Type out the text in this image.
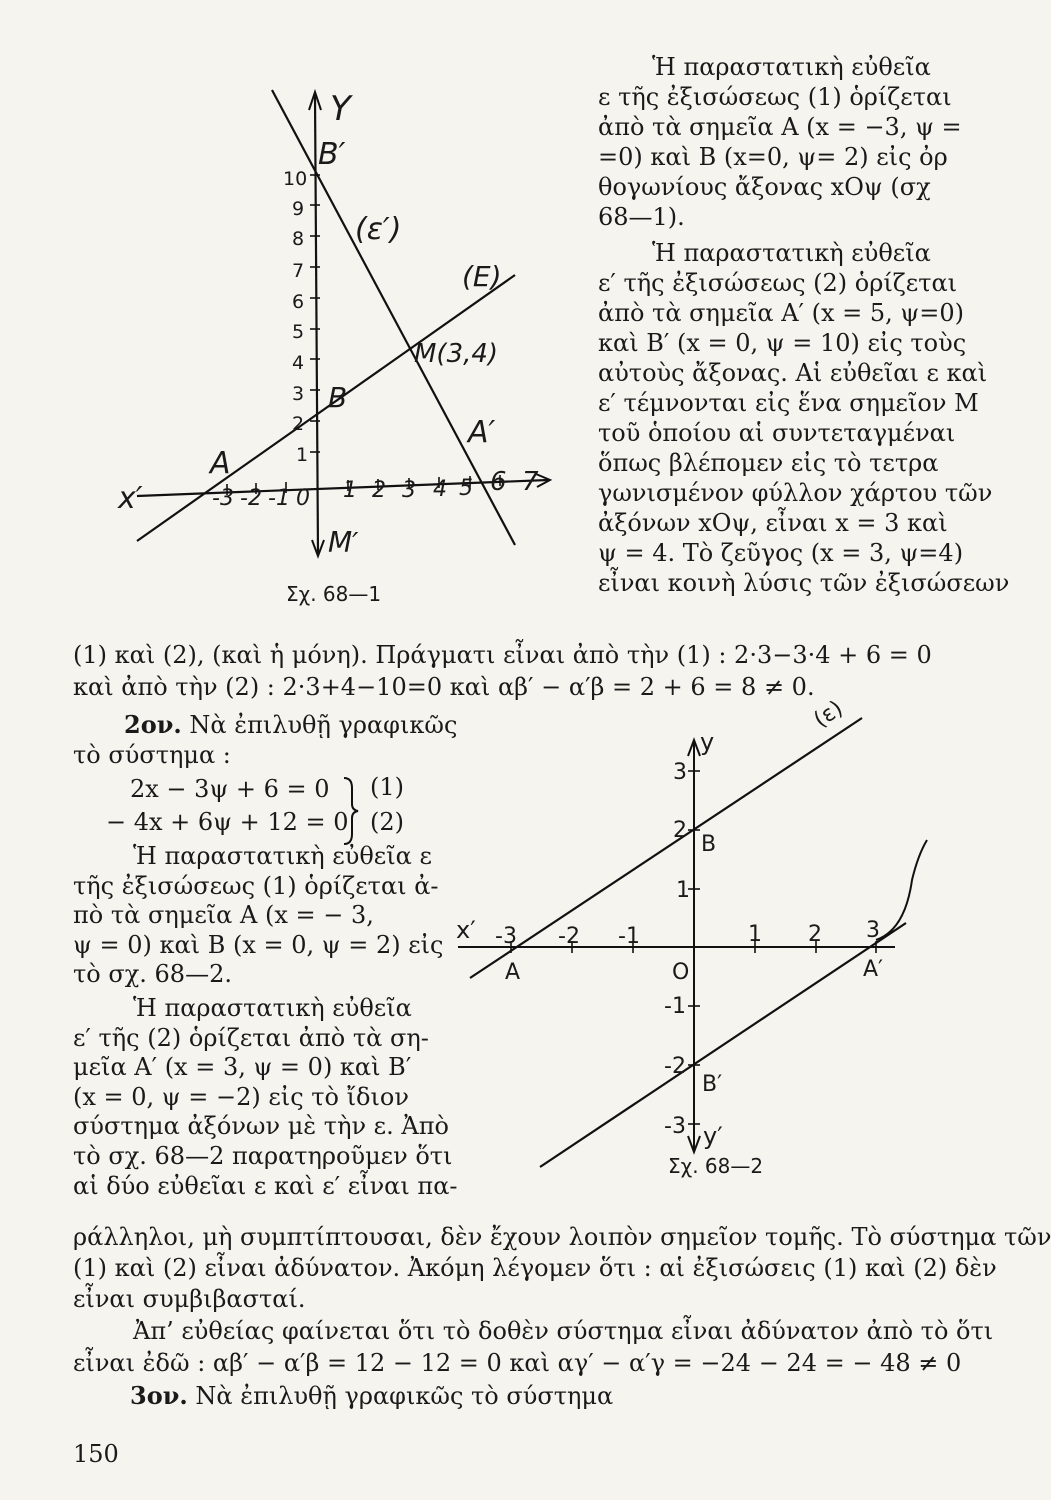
Y
B′
10
9
8
7
6
5
4
3
2
1
(ε′)
(E)
M(3,4)
B
A
A′
x′	-3 -2 -1 0 1 2 3 4 5 6 7
Μ′
Σχ. 68—1
Ἡ παραστατικὴ εὐθεῖα
ε τῆς ἐξισώσεως (1) ὁρίζεται
ἀπὸ τὰ σημεῖα Α (x = −3, ψ =
=0) καὶ Β (x=0, ψ= 2) εἰς ὀρ
θογωνίους ἄξονας xOψ (σχ
68—1).
Ἡ παραστατικὴ εὐθεῖα
ε′ τῆς ἐξισώσεως (2) ὁρίζεται
ἀπὸ τὰ σημεῖα Α′ (x = 5, ψ=0)
καὶ Β′ (x = 0, ψ = 10) εἰς τοὺς
αὐτοὺς ἄξονας. Αἱ εὐθεῖαι ε καὶ
ε′ τέμνονται εἰς ἕνα σημεῖον Μ
τοῦ ὁποίου αἱ συντεταγμέναι
ὅπως βλέπομεν εἰς τὸ τετρα
γωνισμένον φύλλον χάρτου τῶν
ἀξόνων xOψ, εἶναι x = 3 καὶ
ψ = 4. Τὸ ζεῦγος (x = 3, ψ=4)
εἶναι κοινὴ λύσις τῶν ἐξισώσεων
(1) καὶ (2), (καὶ ἡ μόνη). Πράγματι εἶναι ἀπὸ τὴν (1) : 2·3−3·4 + 6 = 0
καὶ ἀπὸ τὴν (2) : 2·3+4−10=0 καὶ αβ′ − α′β = 2 + 6 = 8 ≠ 0.
2ον. Νὰ ἐπιλυθῇ γραφικῶς
τὸ σύστημα :
2x − 3ψ + 6 = 0
− 4x + 6ψ + 12 = 0
(1)
(2)
Ἡ παραστατικὴ εὐθεῖα ε
τῆς ἐξισώσεως (1) ὁρίζεται ἀ-
πὸ τὰ σημεῖα Α (x = − 3,
ψ = 0) καὶ Β (x = 0, ψ = 2) εἰς
τὸ σχ. 68—2.
Ἡ παραστατικὴ εὐθεῖα
ε′ τῆς (2) ὁρίζεται ἀπὸ τὰ ση-
μεῖα Α′ (x = 3, ψ = 0) καὶ Β′
(x = 0, ψ = −2) εἰς τὸ ἴδιον
σύστημα ἀξόνων μὲ τὴν ε. Ἀπὸ
τὸ σχ. 68—2 παρατηροῦμεν ὅτι
αἱ δύο εὐθεῖαι ε καὶ ε′ εἶναι πα-
(ε)
y
3
2
B
1
x′ -3 -2 -1	1 2 3
A	O	A′
-1
-2
B′
-3 y′
Σχ. 68—2
ράλληλοι, μὴ συμπτίπτουσαι, δὲν ἔχουν λοιπὸν σημεῖον τομῆς. Τὸ σύστημα τῶν
(1) καὶ (2) εἶναι ἀδύνατον. Ἀκόμη λέγομεν ὅτι : αἱ ἐξισώσεις (1) καὶ (2) δὲν
εἶναι συμβιβασταί.
Ἀπ’ εὐθείας φαίνεται ὅτι τὸ δοθὲν σύστημα εἶναι ἀδύνατον ἀπὸ τὸ ὅτι
εἶναι ἐδῶ : αβ′ − α′β = 12 − 12 = 0 καὶ αγ′ − α′γ = −24 − 24 = − 48 ≠ 0
3ον. Νὰ ἐπιλυθῇ γραφικῶς τὸ σύστημα
150
